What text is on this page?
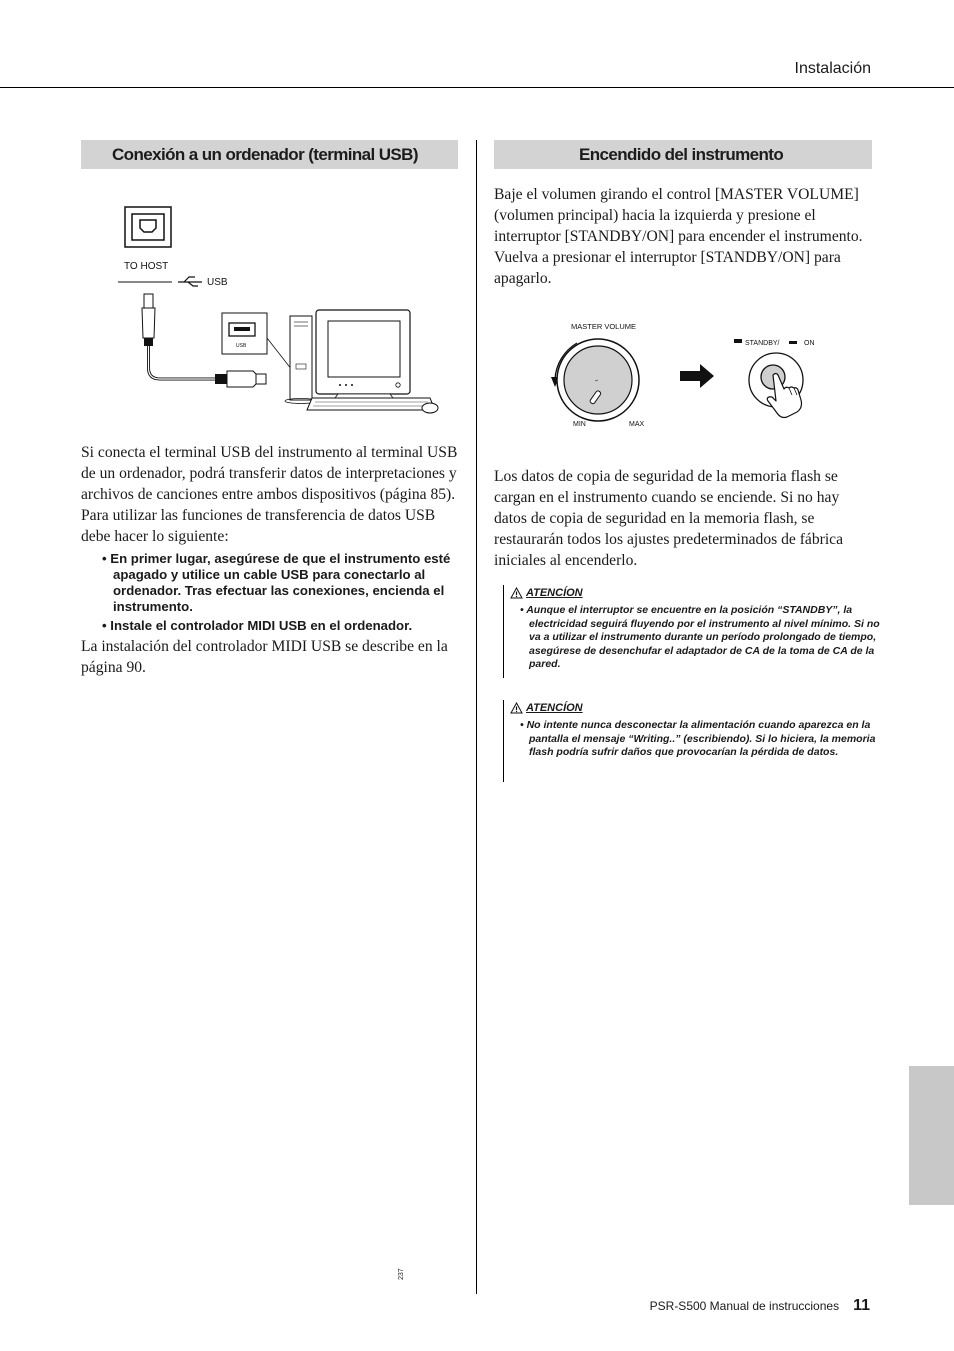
Instalación
Conexión a un ordenador (terminal USB)
TO HOST
USB
USB
Si conecta el terminal USB del instrumento al terminal USB de un ordenador, podrá transferir datos de interpretaciones y archivos de canciones entre ambos dispositivos (página 85). Para utilizar las funciones de transferencia de datos USB debe hacer lo siguiente:
• En primer lugar, asegúrese de que el instrumento esté apagado y utilice un cable USB para conectarlo al ordenador. Tras efectuar las conexiones, encienda el instrumento.
• Instale el controlador MIDI USB en el ordenador.
La instalación del controlador MIDI USB se describe en la página 90.
Encendido del instrumento
Baje el volumen girando el control [MASTER VOLUME] (volumen principal) hacia la izquierda y presione el interruptor [STANDBY/ON] para encender el instrumento. Vuelva a presionar el interruptor [STANDBY/ON] para apagarlo.
MASTER VOLUME
MIN	MAX
STANDBY/	ON
Los datos de copia de seguridad de la memoria flash se cargan en el instrumento cuando se enciende. Si no hay datos de copia de seguridad en la memoria flash, se restaurarán todos los ajustes predeterminados de fábrica iniciales al encenderlo.
ATENCÍON
• Aunque el interruptor se encuentre en la posición “STANDBY”, la electricidad seguirá fluyendo por el instrumento al nivel mínimo. Si no va a utilizar el instrumento durante un período prolongado de tiempo, asegúrese de desenchufar el adaptador de CA de la toma de CA de la pared.
ATENCÍON
• No intente nunca desconectar la alimentación cuando aparezca en la pantalla el mensaje “Writing..” (escribiendo). Si lo hiciera, la memoria flash podría sufrir daños que provocarían la pérdida de datos.
237
PSR-S500 Manual de instrucciones 11
